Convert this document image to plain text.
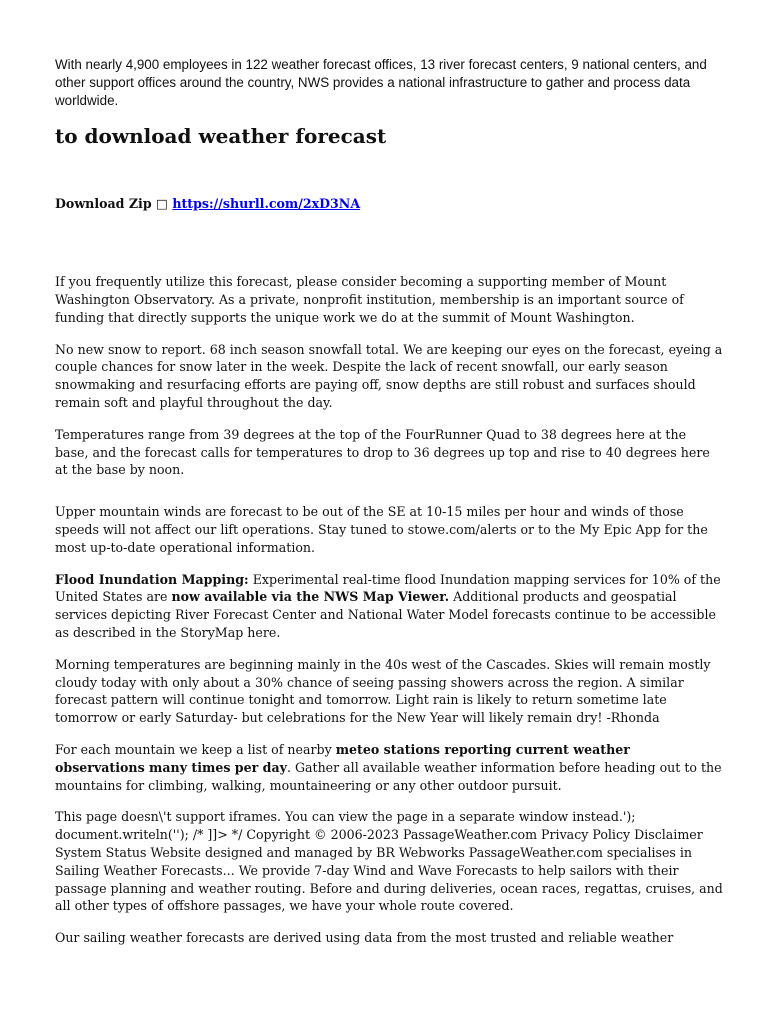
With nearly 4,900 employees in 122 weather forecast offices, 13 river forecast centers, 9 national centers, and other support offices around the country, NWS provides a national infrastructure to gather and process data worldwide.

to download weather forecast

Download Zip □ https://shurll.com/2xD3NA

If you frequently utilize this forecast, please consider becoming a supporting member of Mount Washington Observatory. As a private, nonprofit institution, membership is an important source of funding that directly supports the unique work we do at the summit of Mount Washington.

No new snow to report. 68 inch season snowfall total. We are keeping our eyes on the forecast, eyeing a couple chances for snow later in the week. Despite the lack of recent snowfall, our early season snowmaking and resurfacing efforts are paying off, snow depths are still robust and surfaces should remain soft and playful throughout the day.

Temperatures range from 39 degrees at the top of the FourRunner Quad to 38 degrees here at the base, and the forecast calls for temperatures to drop to 36 degrees up top and rise to 40 degrees here at the base by noon.

Upper mountain winds are forecast to be out of the SE at 10-15 miles per hour and winds of those speeds will not affect our lift operations. Stay tuned to stowe.com/alerts or to the My Epic App for the most up-to-date operational information.

Flood Inundation Mapping: Experimental real-time flood Inundation mapping services for 10% of the United States are now available via the NWS Map Viewer. Additional products and geospatial services depicting River Forecast Center and National Water Model forecasts continue to be accessible as described in the StoryMap here.

Morning temperatures are beginning mainly in the 40s west of the Cascades. Skies will remain mostly cloudy today with only about a 30% chance of seeing passing showers across the region. A similar forecast pattern will continue tonight and tomorrow. Light rain is likely to return sometime late tomorrow or early Saturday- but celebrations for the New Year will likely remain dry! -Rhonda

For each mountain we keep a list of nearby meteo stations reporting current weather observations many times per day. Gather all available weather information before heading out to the mountains for climbing, walking, mountaineering or any other outdoor pursuit.

This page doesn\'t support iframes. You can view the page in a separate window instead.'); document.writeln(''); /* ]]> */ Copyright © 2006-2023 PassageWeather.com Privacy Policy Disclaimer System Status Website designed and managed by BR Webworks PassageWeather.com specialises in Sailing Weather Forecasts... We provide 7-day Wind and Wave Forecasts to help sailors with their passage planning and weather routing. Before and during deliveries, ocean races, regattas, cruises, and all other types of offshore passages, we have your whole route covered.

Our sailing weather forecasts are derived using data from the most trusted and reliable weather
